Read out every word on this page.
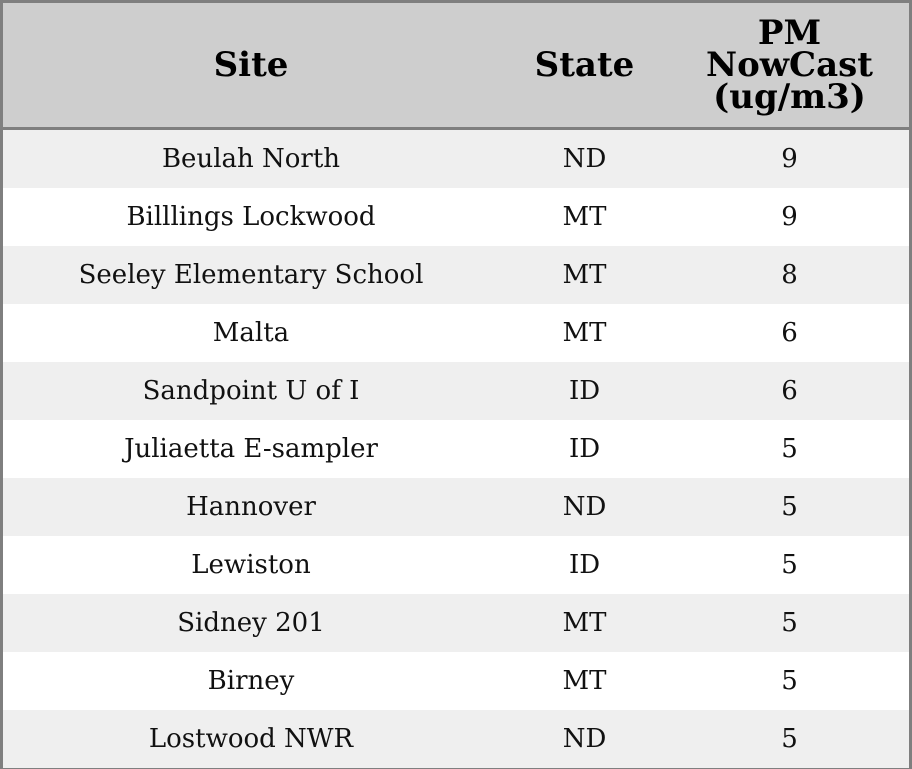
Site	State	PM
NowCast
(ug/m3)
Beulah North	ND	9
Billlings Lockwood	MT	9
Seeley Elementary School	MT	8
Malta	MT	6
Sandpoint U of I	ID	6
Juliaetta E-sampler	ID	5
Hannover	ND	5
Lewiston	ID	5
Sidney 201	MT	5
Birney	MT	5
Lostwood NWR	ND	5
